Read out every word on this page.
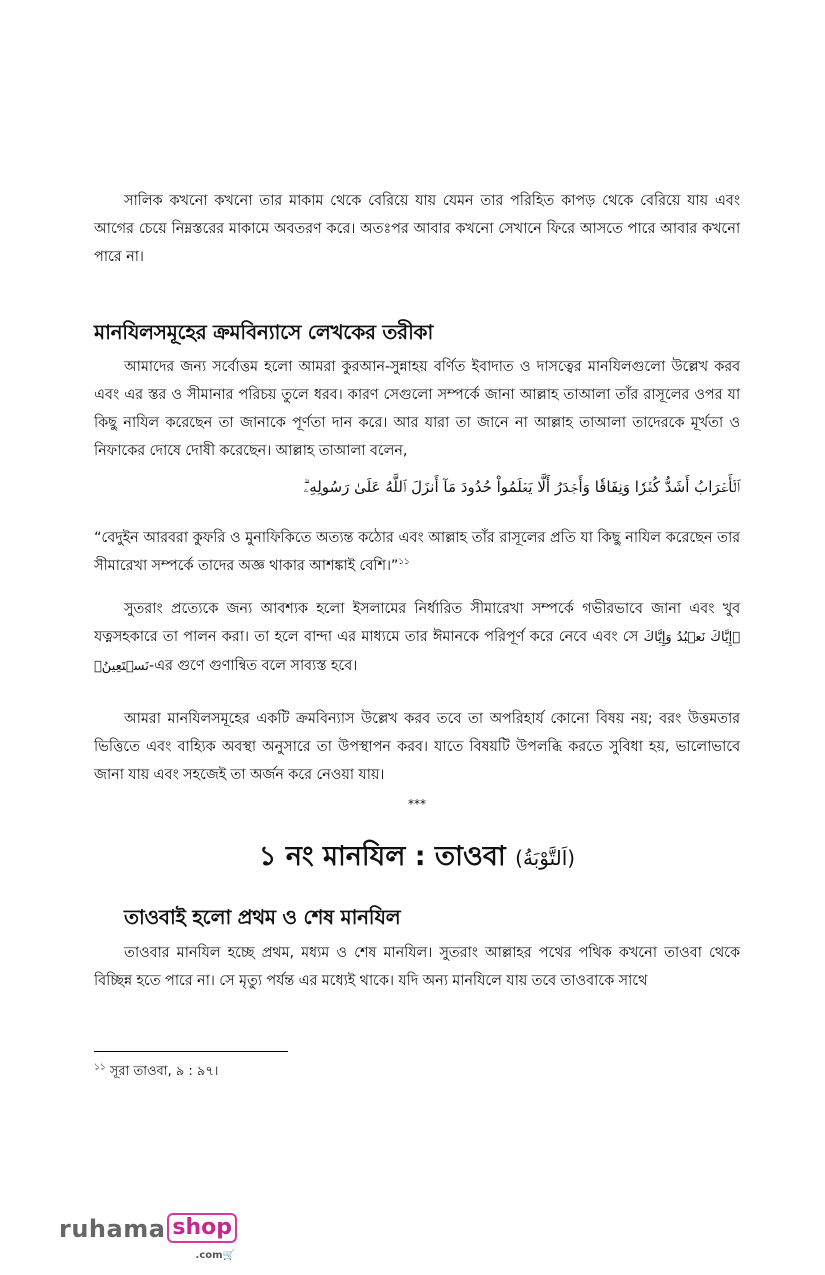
সালিক কখনো কখনো তার মাকাম থেকে বেরিয়ে যায় যেমন তার পরিহিত কাপড় থেকে বেরিয়ে যায় এবং আগের চেয়ে নিম্নস্তরের মাকামে অবতরণ করে। অতঃপর আবার কখনো সেখানে ফিরে আসতে পারে আবার কখনো পারে না।

মানযিলসমূহের ক্রমবিন্যাসে লেখকের তরীকা

আমাদের জন্য সর্বোত্তম হলো আমরা কুরআন-সুন্নাহয় বর্ণিত ইবাদাত ও দাসত্বের মানযিলগুলো উল্লেখ করব এবং এর স্তর ও সীমানার পরিচয় তুলে ধরব। কারণ সেগুলো সম্পর্কে জানা আল্লাহ তাআলা তাঁর রাসূলের ওপর যা কিছু নাযিল করেছেন তা জানাকে পূর্ণতা দান করে। আর যারা তা জানে না আল্লাহ তাআলা তাদেরকে মূর্খতা ও নিফাকের দোষে দোষী করেছেন। আল্লাহ তাআলা বলেন,

ٱلۡأَعۡرَابُ أَشَدُّ كُفۡرٗا وَنِفَاقٗا وَأَجۡدَرُ أَلَّا يَعۡلَمُواْ حُدُودَ مَآ أَنزَلَ ٱللَّهُ عَلَىٰ رَسُولِهِۦۗ

“বেদুইন আরবরা কুফরি ও মুনাফিকিতে অত্যন্ত কঠোর এবং আল্লাহ তাঁর রাসূলের প্রতি যা কিছু নাযিল করেছেন তার সীমারেখা সম্পর্কে তাদের অজ্ঞ থাকার আশঙ্কাই বেশি।”$^{১১}$

সুতরাং প্রত্যেকে জন্য আবশ্যক হলো ইসলামের নির্ধারিত সীমারেখা সম্পর্কে গভীরভাবে জানা এবং খুব যত্নসহকারে তা পালন করা। তা হলে বান্দা এর মাধ্যমে তার ঈমানকে পরিপূর্ণ করে নেবে এবং সে ﴿إِيَّاكَ نَعۡبُدُ وَإِيَّاكَ نَسۡتَعِينُ﴾-এর গুণে গুণান্বিত বলে সাব্যস্ত হবে।

আমরা মানযিলসমূহের একটি ক্রমবিন্যাস উল্লেখ করব তবে তা অপরিহার্য কোনো বিষয় নয়; বরং উত্তমতার ভিত্তিতে এবং বাহ্যিক অবস্থা অনুসারে তা উপস্থাপন করব। যাতে বিষয়টি উপলব্ধি করতে সুবিধা হয়, ভালোভাবে জানা যায় এবং সহজেই তা অর্জন করে নেওয়া যায়।

***
১ নং মানযিল : তাওবা (اَلتَّوْبَةُ)
তাওবাই হলো প্রথম ও শেষ মানযিল

তাওবার মানযিল হচ্ছে প্রথম, মধ্যম ও শেষ মানযিল। সুতরাং আল্লাহর পথের পথিক কখনো তাওবা থেকে বিচ্ছিন্ন হতে পারে না। সে মৃত্যু পর্যন্ত এর মধ্যেই থাকে। যদি অন্য মানযিলে যায় তবে তাওবাকে সাথে

$^{১১}$ সূরা তাওবা, ৯ : ৯৭।
ruhama shop
.com🛒
